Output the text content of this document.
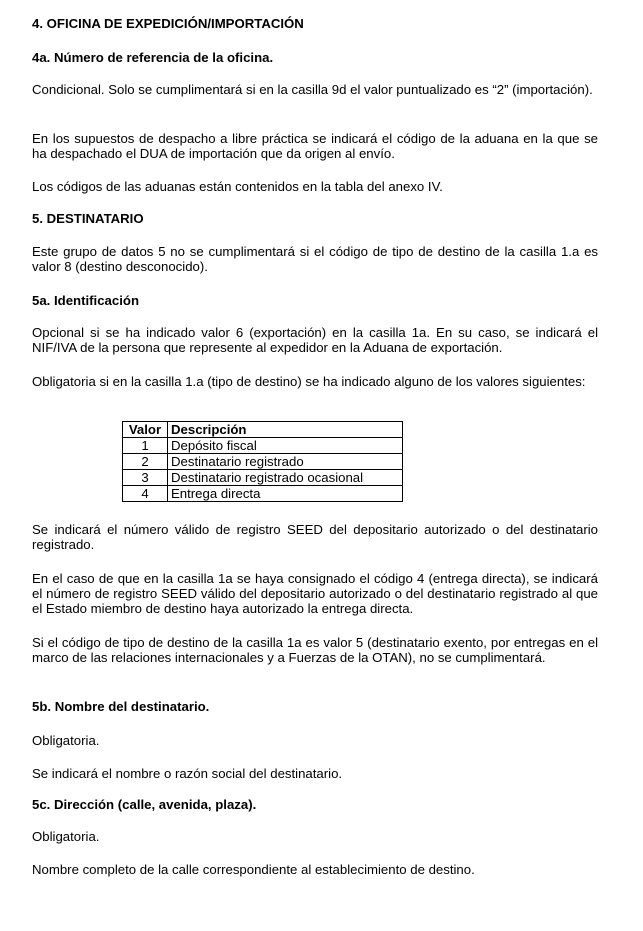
4. OFICINA DE EXPEDICIÓN/IMPORTACIÓN
4a. Número de referencia de la oficina.

Condicional. Solo se cumplimentará si en la casilla 9d el valor puntualizado es “2” (importación).

En los supuestos de despacho a libre práctica se indicará el código de la aduana en la que se ha despachado el DUA de importación que da origen al envío.

Los códigos de las aduanas están contenidos en la tabla del anexo IV.

5. DESTINATARIO

Este grupo de datos 5 no se cumplimentará si el código de tipo de destino de la casilla 1.a es valor 8 (destino desconocido).

5a. Identificación

Opcional si se ha indicado valor 6 (exportación) en la casilla 1a. En su caso, se indicará el NIF/IVA de la persona que represente al expedidor en la Aduana de exportación.

Obligatoria si en la casilla 1.a (tipo de destino) se ha indicado alguno de los valores siguientes:

Valor	Descripción
1	Depósito fiscal
2	Destinatario registrado
3	Destinatario registrado ocasional
4	Entrega directa

Se indicará el número válido de registro SEED del depositario autorizado o del destinatario registrado.

En el caso de que en la casilla 1a se haya consignado el código 4 (entrega directa), se indicará el número de registro SEED válido del depositario autorizado o del destinatario registrado al que el Estado miembro de destino haya autorizado la entrega directa.

Si el código de tipo de destino de la casilla 1a es valor 5 (destinatario exento, por entregas en el marco de las relaciones internacionales y a Fuerzas de la OTAN), no se cumplimentará.

5b. Nombre del destinatario.

Obligatoria.

Se indicará el nombre o razón social del destinatario.

5c. Dirección (calle, avenida, plaza).

Obligatoria.

Nombre completo de la calle correspondiente al establecimiento de destino.
